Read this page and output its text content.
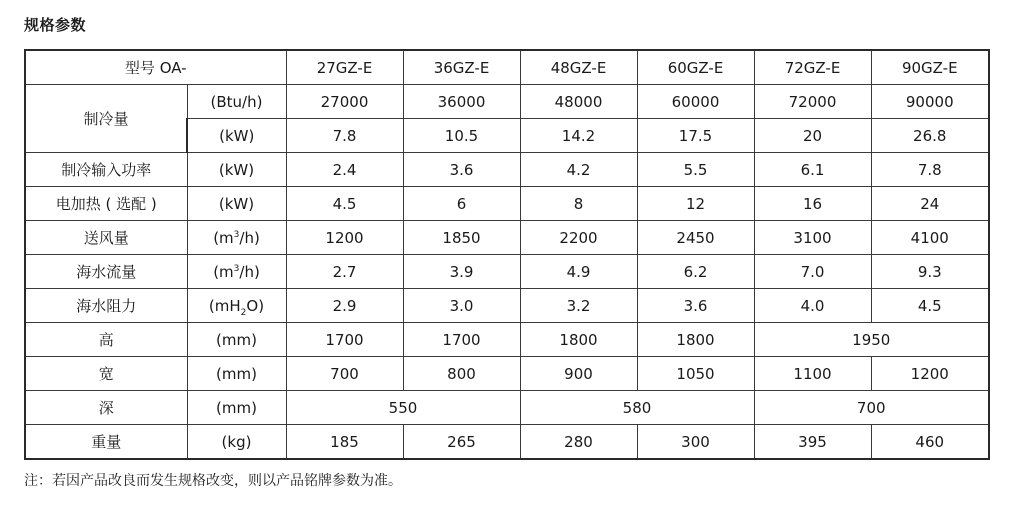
规格参数
型号 OA-		27GZ-E	36GZ-E	48GZ-E	60GZ-E	72GZ-E	90GZ-E
制冷量	(Btu/h)	27000	36000	48000	60000	72000	90000
	(kW)	7.8	10.5	14.2	17.5	20	26.8
制冷输入功率	(kW)	2.4	3.6	4.2	5.5	6.1	7.8
电加热 ( 选配 )	(kW)	4.5	6	8	12	16	24
送风量	$(m^3/h)$	1200	1850	2200	2450	3100	4100
海水流量	$(m^3/h)$	2.7	3.9	4.9	6.2	7.0	9.3
海水阻力	$(mH_2O)$	2.9	3.0	3.2	3.6	4.0	4.5
高	(mm)	1700	1700	1800	1800	1950	
宽	(mm)	700	800	900	1050	1100	1200
深	(mm)	550		580		700	
重量	(kg)	185	265	280	300	395	460
注：若因产品改良而发生规格改变，则以产品铭牌参数为准。
